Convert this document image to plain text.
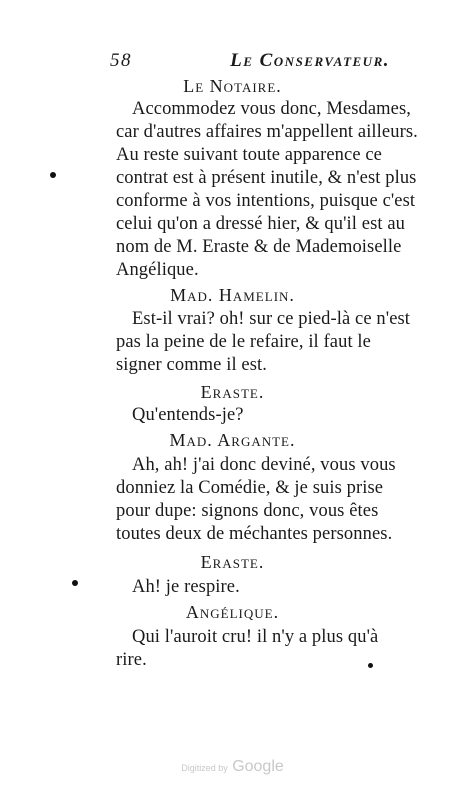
58	Le Conservateur.
Le Notaire.
Accommodez vous donc, Mesdames,
car d'autres affaires m'appellent ailleurs.
Au reste suivant toute apparence ce
contrat est à présent inutile, & n'est plus
conforme à vos intentions, puisque c'est
celui qu'on a dressé hier, & qu'il est au
nom de M. Eraste & de Mademoiselle
Angélique.
Mad. Hamelin.
Est-il vrai? oh! sur ce pied-là ce n'est
pas la peine de le refaire, il faut le
signer comme il est.
Eraste.
Qu'entends-je?
Mad. Argante.
Ah, ah! j'ai donc deviné, vous vous
donniez la Comédie, & je suis prise
pour dupe: signons donc, vous êtes
toutes deux de méchantes personnes.
Eraste.
Ah! je respire.
Angélique.
Qui l'auroit cru! il n'y a plus qu'à
rire.
Digitized by Google
